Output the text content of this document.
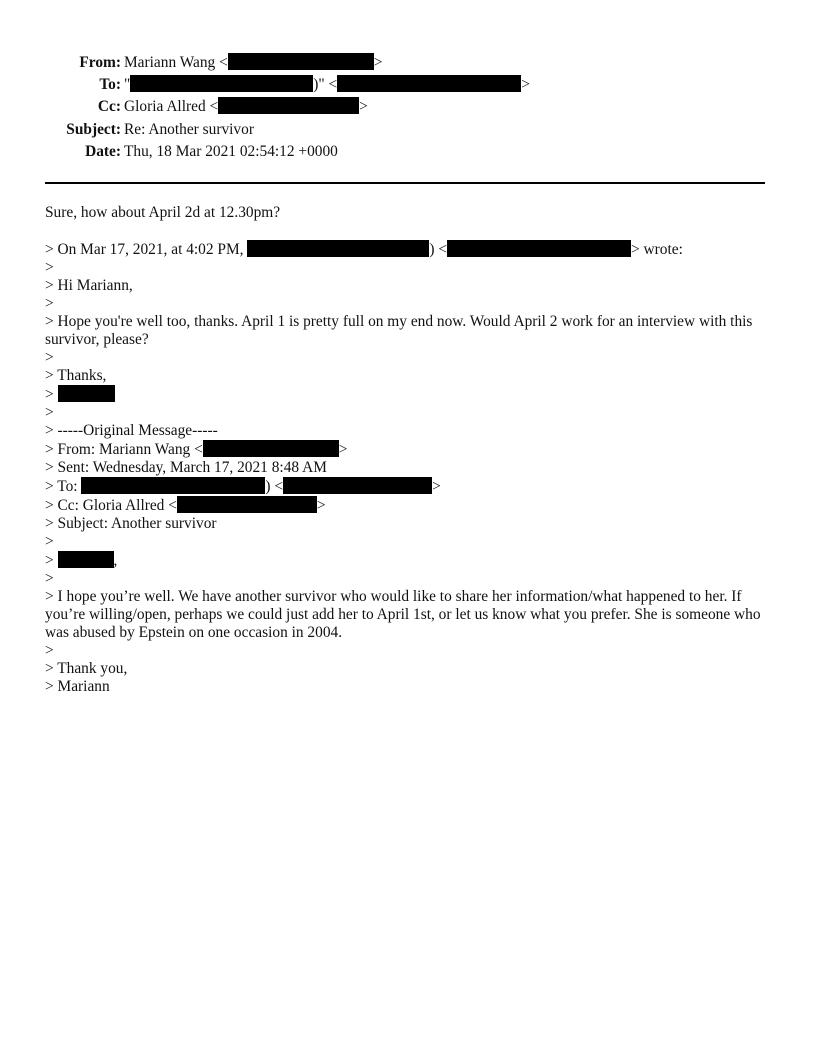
From: Mariann Wang <	>
To: "	)" <	>
Cc: Gloria Allred <	>
Subject: Re: Another survivor
Date: Thu, 18 Mar 2021 02:54:12 +0000
Sure, how about April 2d at 12.30pm?
> On Mar 17, 2021, at 4:02 PM,	) <	> wrote:
>
> Hi Mariann,
>
> Hope you're well too, thanks. April 1 is pretty full on my end now. Would April 2 work for an interview with this survivor, please?
>
> Thanks,
>
>
> -----Original Message-----
> From: Mariann Wang <	>
> Sent: Wednesday, March 17, 2021 8:48 AM
> To:	) <	>
> Cc: Gloria Allred <	>
> Subject: Another survivor
>
>	,
>
> I hope you’re well. We have another survivor who would like to share her information/what happened to her. If you’re willing/open, perhaps we could just add her to April 1st, or let us know what you prefer. She is someone who was abused by Epstein on one occasion in 2004.
>
> Thank you,
> Mariann
